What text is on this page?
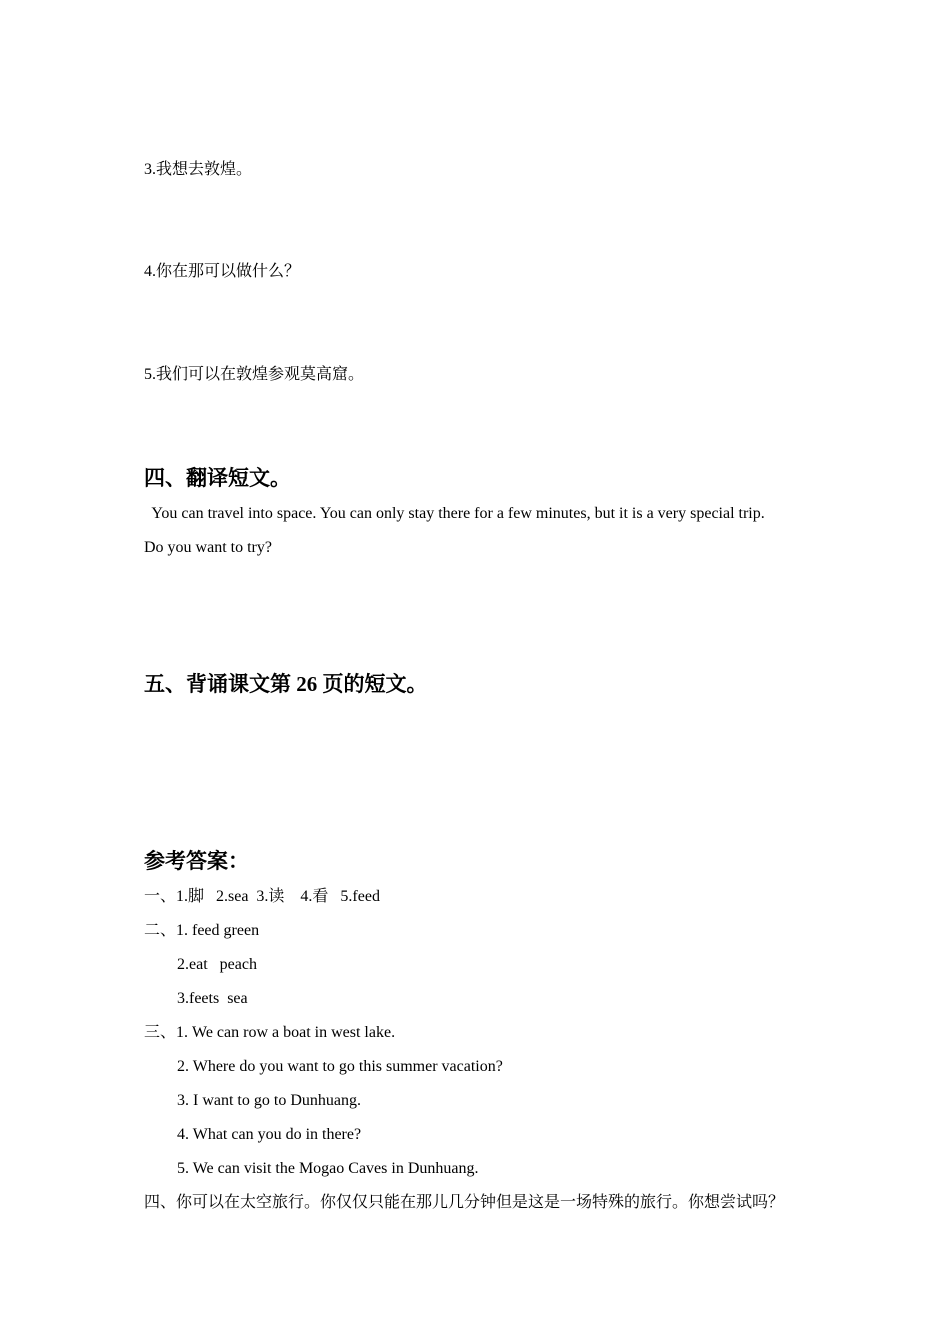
3.我想去敦煌。
4.你在那可以做什么？
5.我们可以在敦煌参观莫高窟。
四、翻译短文。
You can travel into space. You can only stay there for a few minutes, but it is a very special trip.
Do you want to try?
五、背诵课文第 26 页的短文。
参考答案：
一、1.脚   2.sea  3.读    4.看   5.feed
二、1. feed green
2.eat   peach
3.feets  sea
三、1. We can row a boat in west lake.
2. Where do you want to go this summer vacation?
3. I want to go to Dunhuang.
4. What can you do in there?
5. We can visit the Mogao Caves in Dunhuang.
四、你可以在太空旅行。你仅仅只能在那儿几分钟但是这是一场特殊的旅行。你想尝试吗？
